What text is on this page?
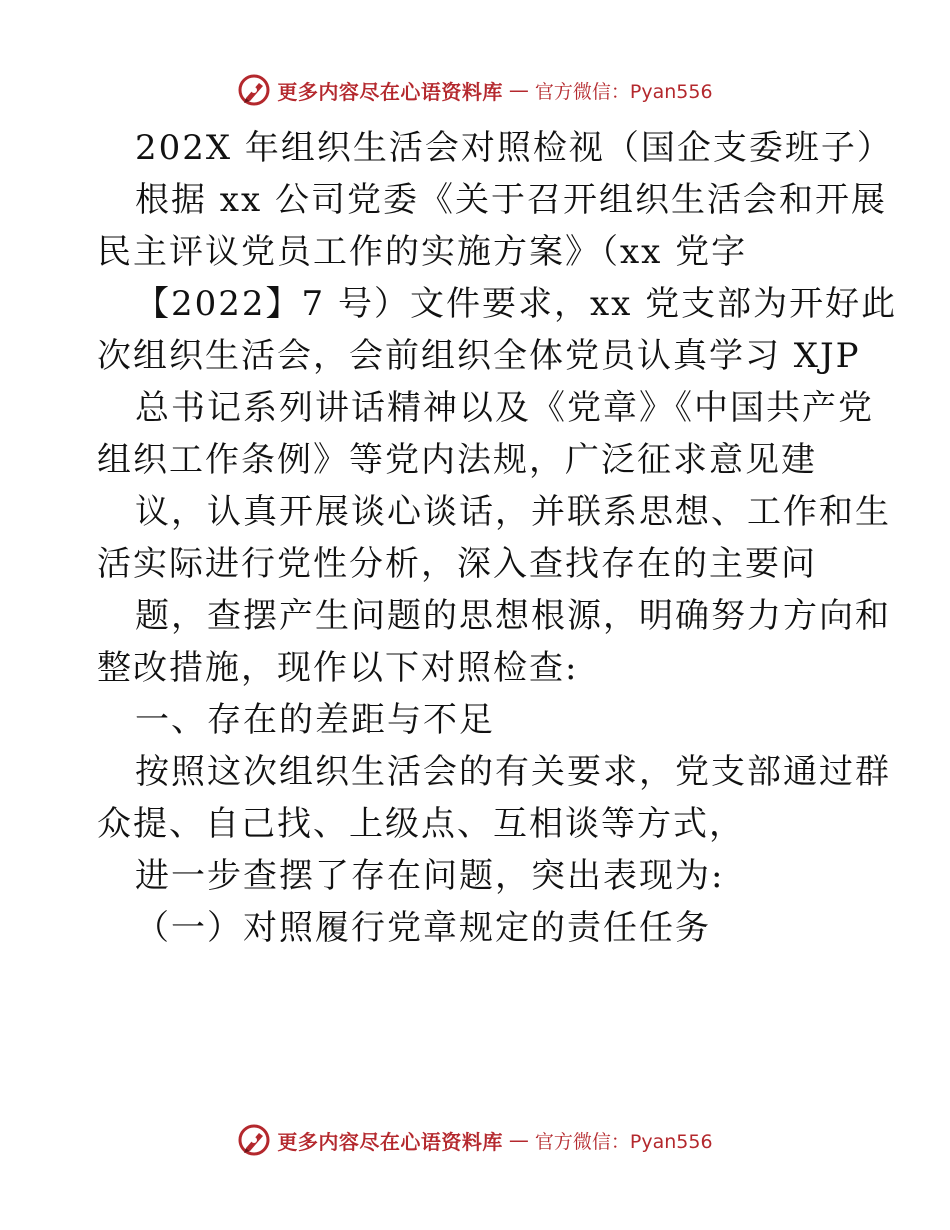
更多内容尽在心语资料库 — 官方微信：Pyan556
202X 年组织生活会对照检视（国企支委班子）
根据 xx 公司党委《关于召开组织生活会和开展
民主评议党员工作的实施方案》（xx 党字
【2022】7 号）文件要求，xx 党支部为开好此
次组织生活会，会前组织全体党员认真学习 XJP
总书记系列讲话精神以及《党章》《中国共产党
组织工作条例》等党内法规，广泛征求意见建
议，认真开展谈心谈话，并联系思想、工作和生
活实际进行党性分析，深入查找存在的主要问
题，查摆产生问题的思想根源，明确努力方向和
整改措施，现作以下对照检查:
一、存在的差距与不足
按照这次组织生活会的有关要求，党支部通过群
众提、自己找、上级点、互相谈等方式，
进一步查摆了存在问题，突出表现为:
（一）对照履行党章规定的责任任务
更多内容尽在心语资料库 — 官方微信：Pyan556
